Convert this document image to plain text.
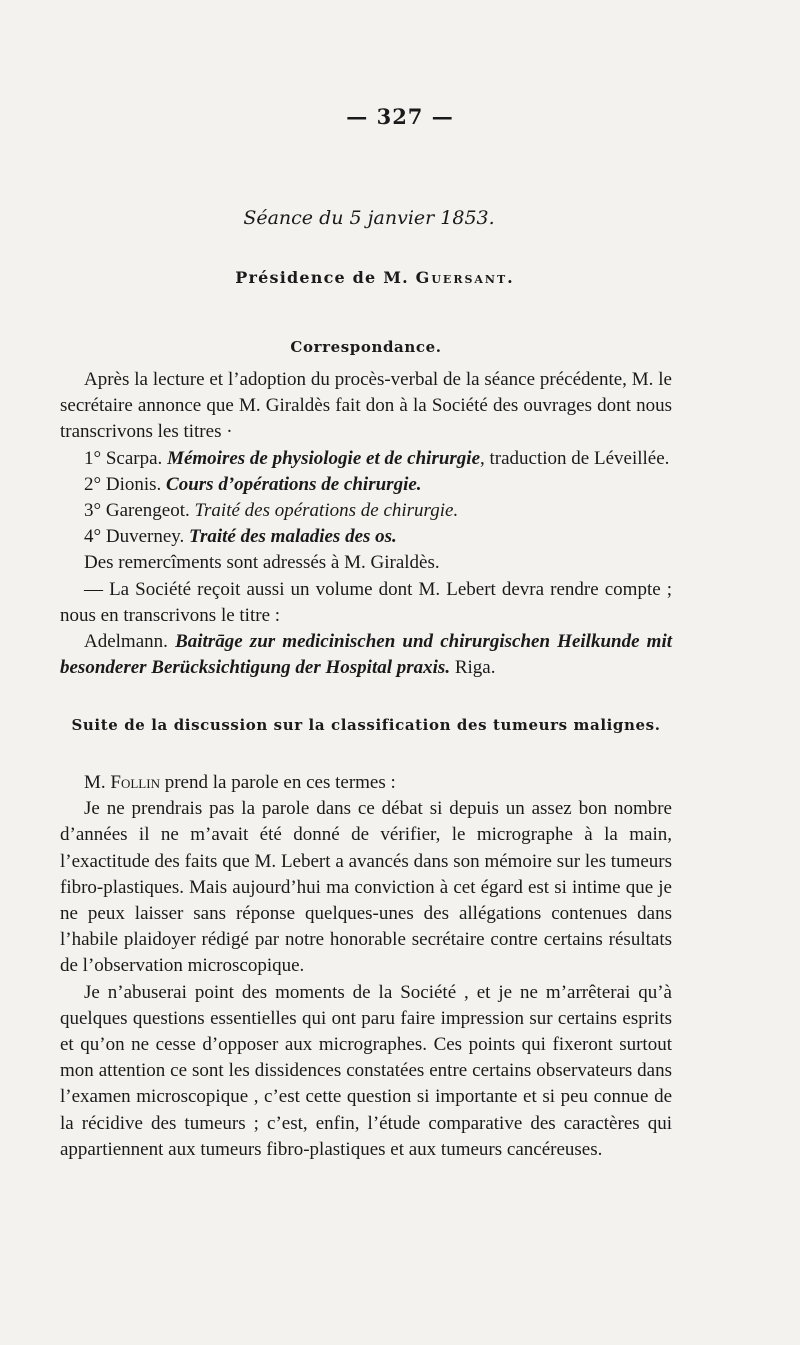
— 327 —
Séance du 5 janvier 1853.
Présidence de M. Guersant.
Correspondance.

Après la lecture et l’adoption du procès-verbal de la séance précédente, M. le secrétaire annonce que M. Giraldès fait don à la Société des ouvrages dont nous transcrivons les titres ·

1° Scarpa. Mémoires de physiologie et de chirurgie, traduction de Léveillée.

2° Dionis. Cours d’opérations de chirurgie.

3° Garengeot. Traité des opérations de chirurgie.

4° Duverney. Traité des maladies des os.

Des remercîments sont adressés à M. Giraldès.

— La Société reçoit aussi un volume dont M. Lebert devra rendre compte ; nous en transcrivons le titre :

Adelmann. Baitrāge zur medicinischen und chirurgischen Heilkunde mit besonderer Berücksichtigung der Hospital praxis. Riga.

Suite de la discussion sur la classification des tumeurs malignes.

M. Follin prend la parole en ces termes :

Je ne prendrais pas la parole dans ce débat si depuis un assez bon nombre d’années il ne m’avait été donné de vérifier, le micrographe à la main, l’exactitude des faits que M. Lebert a avancés dans son mémoire sur les tumeurs fibro-plastiques. Mais aujourd’hui ma conviction à cet égard est si intime que je ne peux laisser sans réponse quelques-unes des allégations contenues dans l’habile plaidoyer rédigé par notre honorable secrétaire contre certains résultats de l’observation microscopique.

Je n’abuserai point des moments de la Société , et je ne m’arrêterai qu’à quelques questions essentielles qui ont paru faire impression sur certains esprits et qu’on ne cesse d’opposer aux micrographes. Ces points qui fixeront surtout mon attention ce sont les dissidences constatées entre certains observateurs dans l’examen microscopique , c’est cette question si importante et si peu connue de la récidive des tumeurs ; c’est, enfin, l’étude comparative des caractères qui appartiennent aux tumeurs fibro-plastiques et aux tumeurs cancéreuses.
